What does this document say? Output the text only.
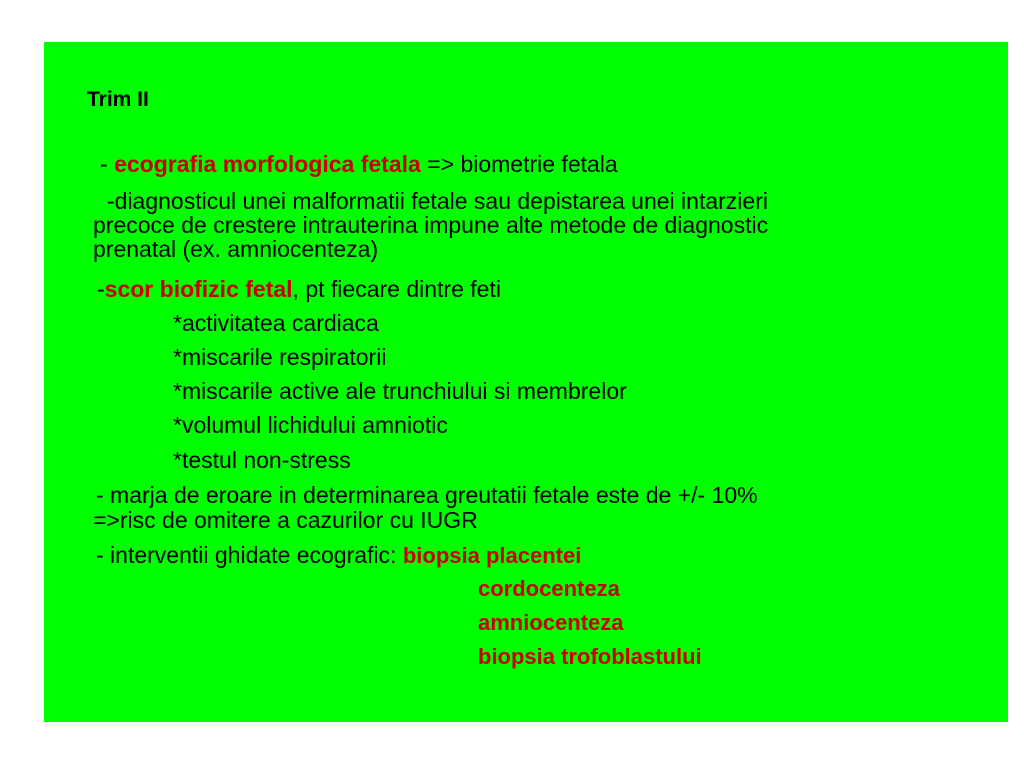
Trim II
- ecografia morfologica fetala => biometrie fetala
-diagnosticul unei malformatii fetale sau depistarea unei intarzieri
precoce de crestere intrauterina impune alte metode de diagnostic
prenatal (ex. amniocenteza)
-scor biofizic fetal, pt fiecare dintre feti
*activitatea cardiaca
*miscarile respiratorii
*miscarile active ale trunchiului si membrelor
*volumul lichidului amniotic
*testul non-stress
- marja de eroare in determinarea greutatii fetale este de +/- 10%
=>risc de omitere a cazurilor cu IUGR
- interventii ghidate ecografic: biopsia placentei
cordocenteza
amniocenteza
biopsia trofoblastului
